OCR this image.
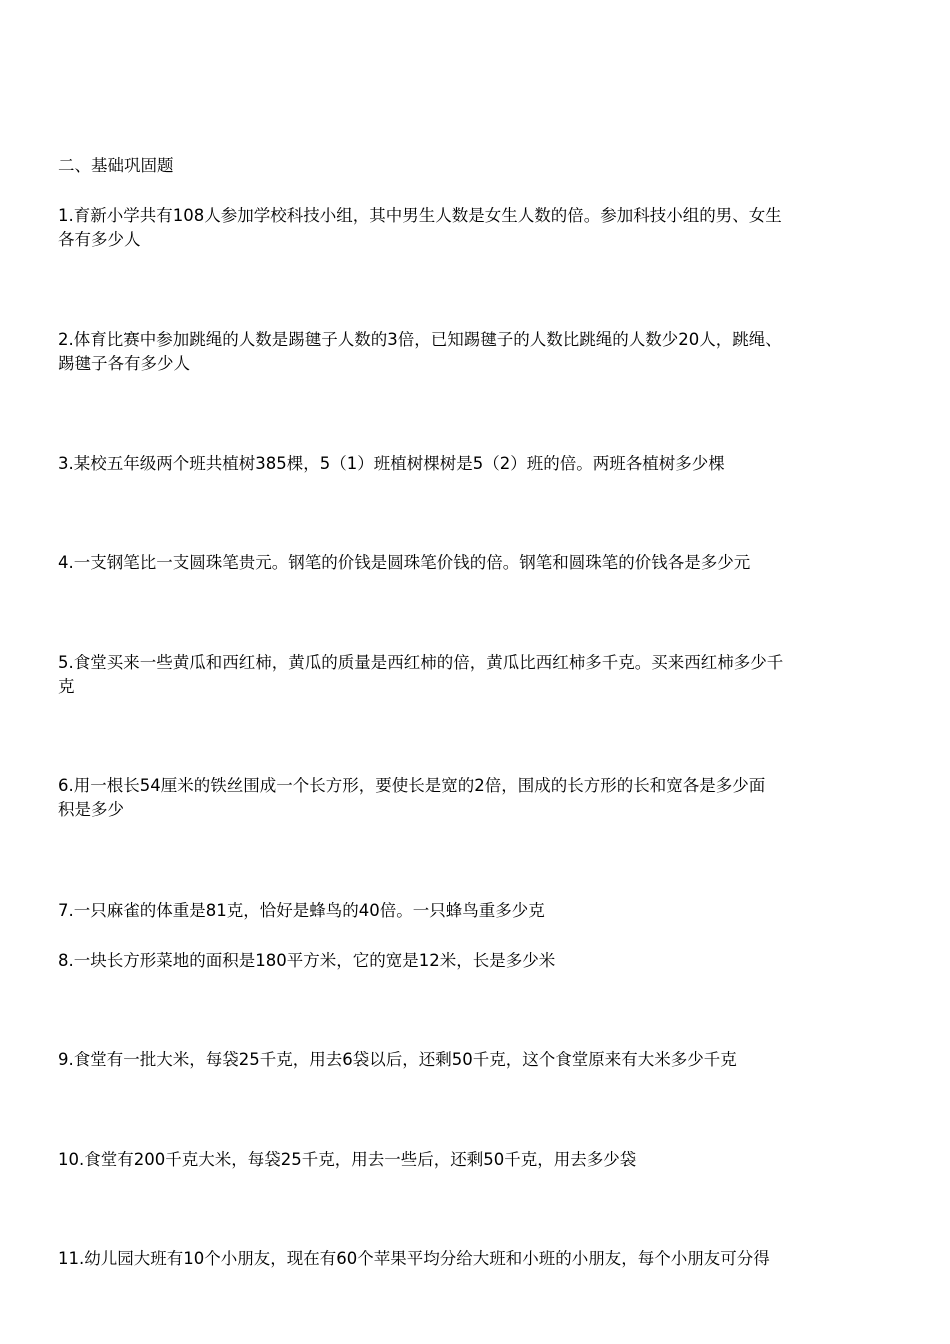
二、基础巩固题
1.育新小学共有108人参加学校科技小组，其中男生人数是女生人数的倍。参加科技小组的男、女生
各有多少人
2.体育比赛中参加跳绳的人数是踢毽子人数的3倍，已知踢毽子的人数比跳绳的人数少20人，跳绳、
踢毽子各有多少人
3.某校五年级两个班共植树385棵，5（1）班植树棵树是5（2）班的倍。两班各植树多少棵
4.一支钢笔比一支圆珠笔贵元。钢笔的价钱是圆珠笔价钱的倍。钢笔和圆珠笔的价钱各是多少元
5.食堂买来一些黄瓜和西红柿，黄瓜的质量是西红柿的倍，黄瓜比西红柿多千克。买来西红柿多少千
克
6.用一根长54厘米的铁丝围成一个长方形，要使长是宽的2倍，围成的长方形的长和宽各是多少面
积是多少
7.一只麻雀的体重是81克，恰好是蜂鸟的40倍。一只蜂鸟重多少克
8.一块长方形菜地的面积是180平方米，它的宽是12米，长是多少米
9.食堂有一批大米，每袋25千克，用去6袋以后，还剩50千克，这个食堂原来有大米多少千克
10.食堂有200千克大米，每袋25千克，用去一些后，还剩50千克，用去多少袋
11.幼儿园大班有10个小朋友，现在有60个苹果平均分给大班和小班的小朋友，每个小朋友可分得
